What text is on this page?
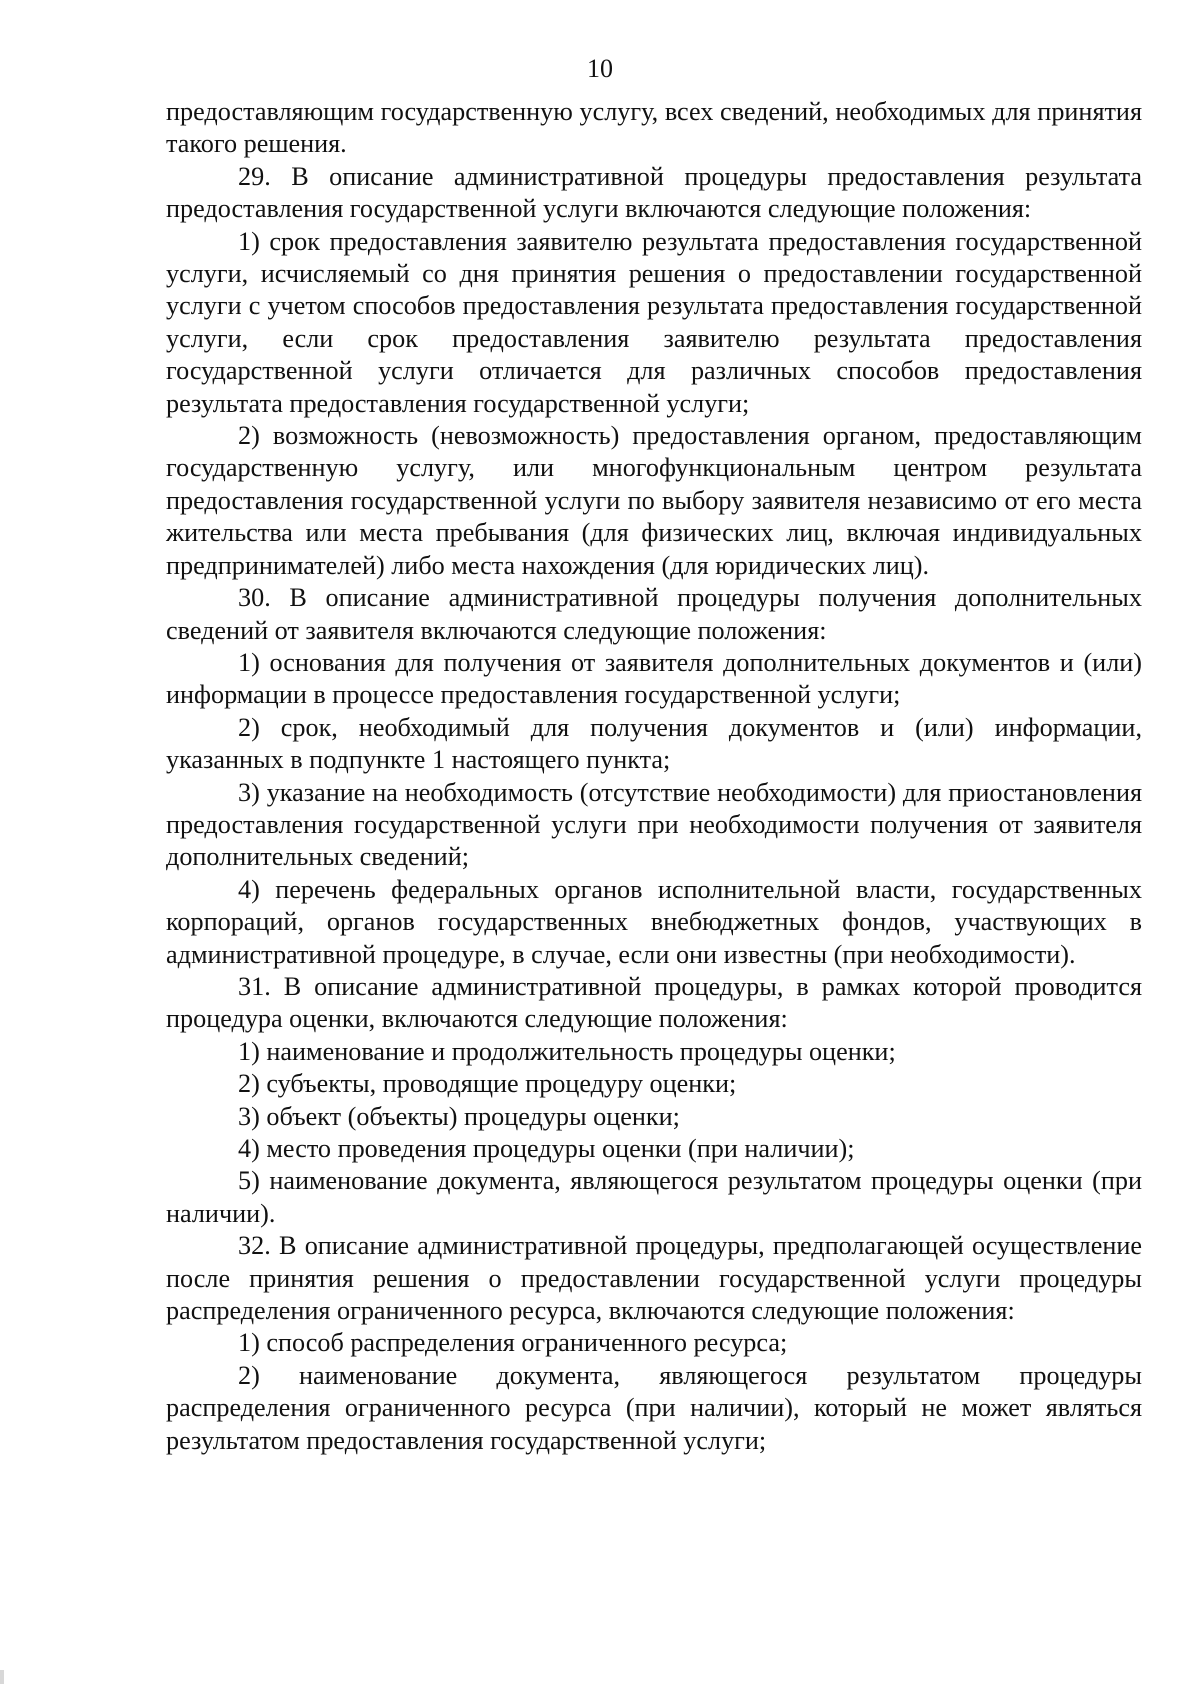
10

предоставляющим государственную услугу, всех сведений, необходимых для принятия такого решения.

29. В описание административной процедуры предоставления результата предоставления государственной услуги включаются следующие положения:

1) срок предоставления заявителю результата предоставления государственной услуги, исчисляемый со дня принятия решения о предоставлении государственной услуги с учетом способов предоставления результата предоставления государственной услуги, если срок предоставления заявителю результата предоставления государственной услуги отличается для различных способов предоставления результата предоставления государственной услуги;

2) возможность (невозможность) предоставления органом, предоставляющим государственную услугу, или многофункциональным центром результата предоставления государственной услуги по выбору заявителя независимо от его места жительства или места пребывания (для физических лиц, включая индивидуальных предпринимателей) либо места нахождения (для юридических лиц).

30. В описание административной процедуры получения дополнительных сведений от заявителя включаются следующие положения:

1) основания для получения от заявителя дополнительных документов и (или) информации в процессе предоставления государственной услуги;

2) срок, необходимый для получения документов и (или) информации, указанных в подпункте 1 настоящего пункта;

3) указание на необходимость (отсутствие необходимости) для приостановления предоставления государственной услуги при необходимости получения от заявителя дополнительных сведений;

4) перечень федеральных органов исполнительной власти, государственных корпораций, органов государственных внебюджетных фондов, участвующих в административной процедуре, в случае, если они известны (при необходимости).

31. В описание административной процедуры, в рамках которой проводится процедура оценки, включаются следующие положения:

1) наименование и продолжительность процедуры оценки;

2) субъекты, проводящие процедуру оценки;

3) объект (объекты) процедуры оценки;

4) место проведения процедуры оценки (при наличии);

5) наименование документа, являющегося результатом процедуры оценки (при наличии).

32. В описание административной процедуры, предполагающей осуществление после принятия решения о предоставлении государственной услуги процедуры распределения ограниченного ресурса, включаются следующие положения:

1) способ распределения ограниченного ресурса;

2) наименование документа, являющегося результатом процедуры распределения ограниченного ресурса (при наличии), который не может являться результатом предоставления государственной услуги;
